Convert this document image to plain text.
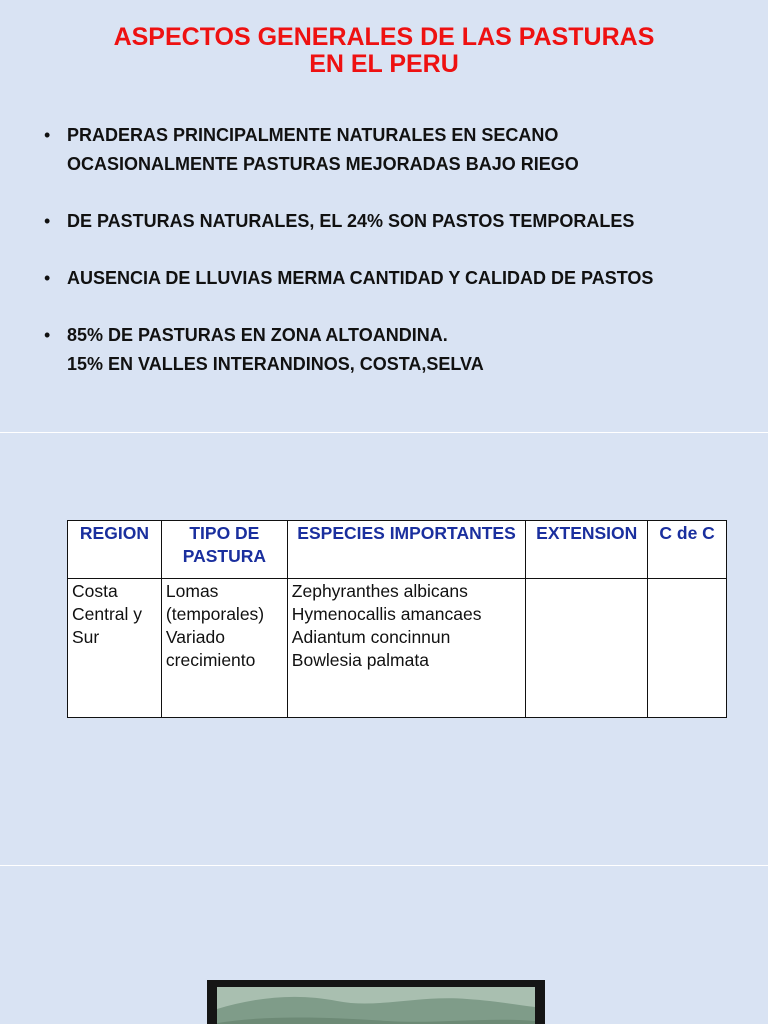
ASPECTOS GENERALES DE LAS PASTURAS
EN EL PERU
• PRADERAS PRINCIPALMENTE NATURALES EN SECANO
OCASIONALMENTE PASTURAS MEJORADAS BAJO RIEGO
• DE PASTURAS NATURALES, EL 24% SON PASTOS TEMPORALES
• AUSENCIA DE LLUVIAS MERMA CANTIDAD Y CALIDAD DE PASTOS
• 85% DE PASTURAS EN ZONA ALTOANDINA.
15% EN VALLES INTERANDINOS, COSTA,SELVA
REGION	TIPO DE PASTURA	ESPECIES IMPORTANTES	EXTENSION	C de C
Costa Central y Sur	Lomas (temporales) Variado crecimiento	Zephyranthes albicans
Hymenocallis amancaes
Adiantum concinnun
Bowlesia palmata		
